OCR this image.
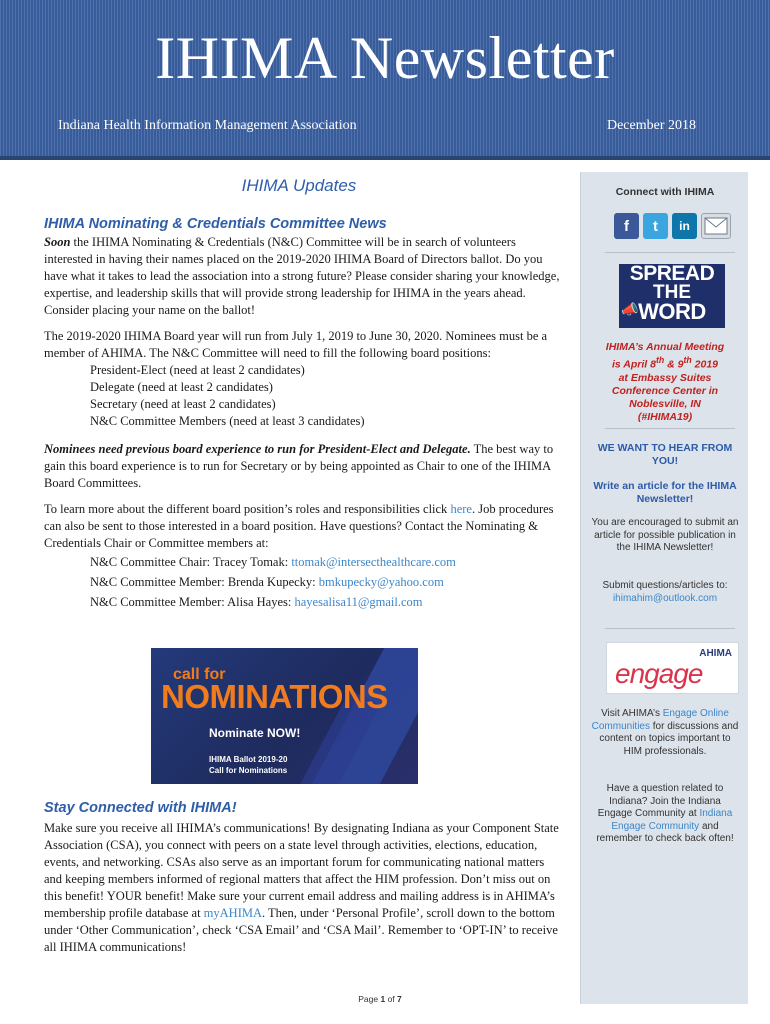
IHIMA Newsletter
Indiana Health Information Management Association	December 2018
IHIMA Updates
IHIMA Nominating & Credentials Committee News

Soon the IHIMA Nominating & Credentials (N&C) Committee will be in search of volunteers interested in having their names placed on the 2019-2020 IHIMA Board of Directors ballot. Do you have what it takes to lead the association into a strong future? Please consider sharing your knowledge, expertise, and leadership skills that will provide strong leadership for IHIMA in the years ahead. Consider placing your name on the ballot!

The 2019-2020 IHIMA Board year will run from July 1, 2019 to June 30, 2020. Nominees must be a member of AHIMA. The N&C Committee will need to fill the following board positions:

President-Elect (need at least 2 candidates)
Delegate (need at least 2 candidates)
Secretary (need at least 2 candidates)
N&C Committee Members (need at least 3 candidates)

Nominees need previous board experience to run for President-Elect and Delegate. The best way to gain this board experience is to run for Secretary or by being appointed as Chair to one of the IHIMA Board Committees.

To learn more about the different board position’s roles and responsibilities click here. Job procedures can also be sent to those interested in a board position. Have questions? Contact the Nominating & Credentials Chair or Committee members at:

N&C Committee Chair: Tracey Tomak: ttomak@intersecthealthcare.com
N&C Committee Member: Brenda Kupecky: bmkupecky@yahoo.com
N&C Committee Member: Alisa Hayes: hayesalisa11@gmail.com
call for
NOMINATIONS
Nominate NOW!
IHIMA Ballot 2019-20
Call for Nominations
Stay Connected with IHIMA!

Make sure you receive all IHIMA’s communications! By designating Indiana as your Component State Association (CSA), you connect with peers on a state level through activities, elections, education, events, and networking. CSAs also serve as an important forum for communicating national matters and keeping members informed of regional matters that affect the HIM profession. Don’t miss out on this benefit! YOUR benefit! Make sure your current email address and mailing address is in AHIMA’s membership profile database at myAHIMA. Then, under ‘Personal Profile’, scroll down to the bottom under ‘Other Communication’, check ‘CSA Email’ and ‘CSA Mail’. Remember to ‘OPT-IN’ to receive all IHIMA communications!

Page 1 of 7
Connect with IHIMA
f	t	in
SPREAD
THE
WORD
📣
IHIMA’s Annual Meeting
is April 8th & 9th 2019
at Embassy Suites Conference Center in Noblesville, IN
(#IHIMA19)
WE WANT TO HEAR FROM YOU!
Write an article for the IHIMA Newsletter!
You are encouraged to submit an article for possible publication in the IHIMA Newsletter!
Submit questions/articles to:
ihimahim@outlook.com
AHIMA
engage
Visit AHIMA’s Engage Online Communities for discussions and content on topics important to HIM professionals.
Have a question related to Indiana? Join the Indiana Engage Community at Indiana Engage Community and remember to check back often!
